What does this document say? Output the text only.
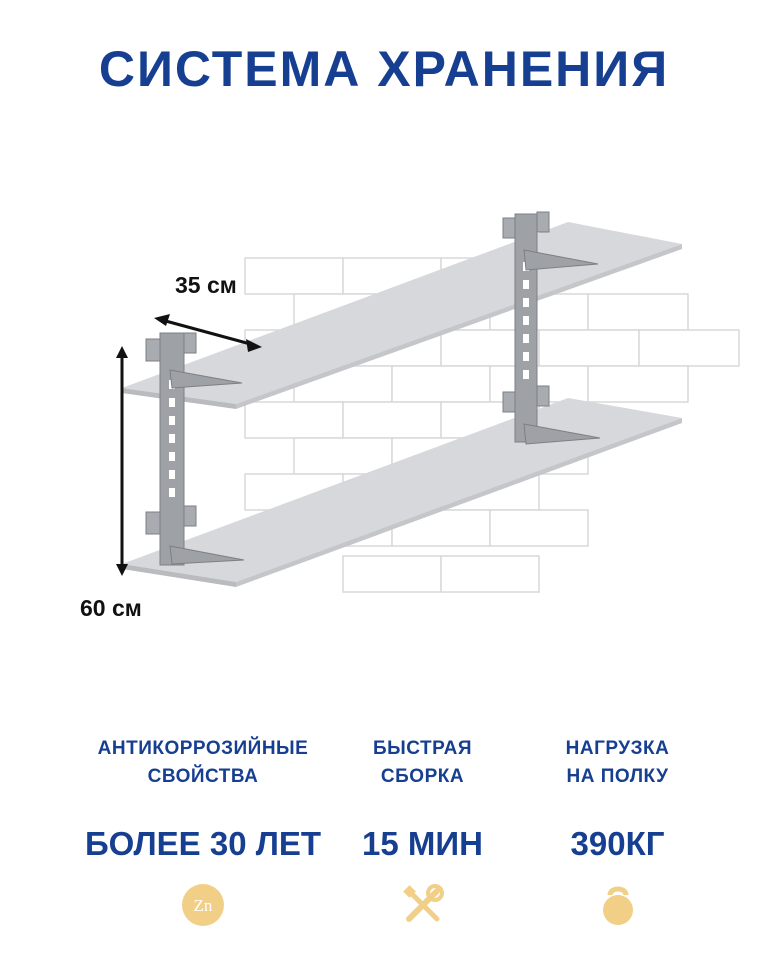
СИСТЕМА ХРАНЕНИЯ
35 см
60 см
АНТИКОРРОЗИЙНЫЕ
СВОЙСТВА
БОЛЕЕ 30 ЛЕТ
Zn
БЫСТРАЯ
СБОРКА
15 МИН
НАГРУЗКА
НА ПОЛКУ
390КГ
